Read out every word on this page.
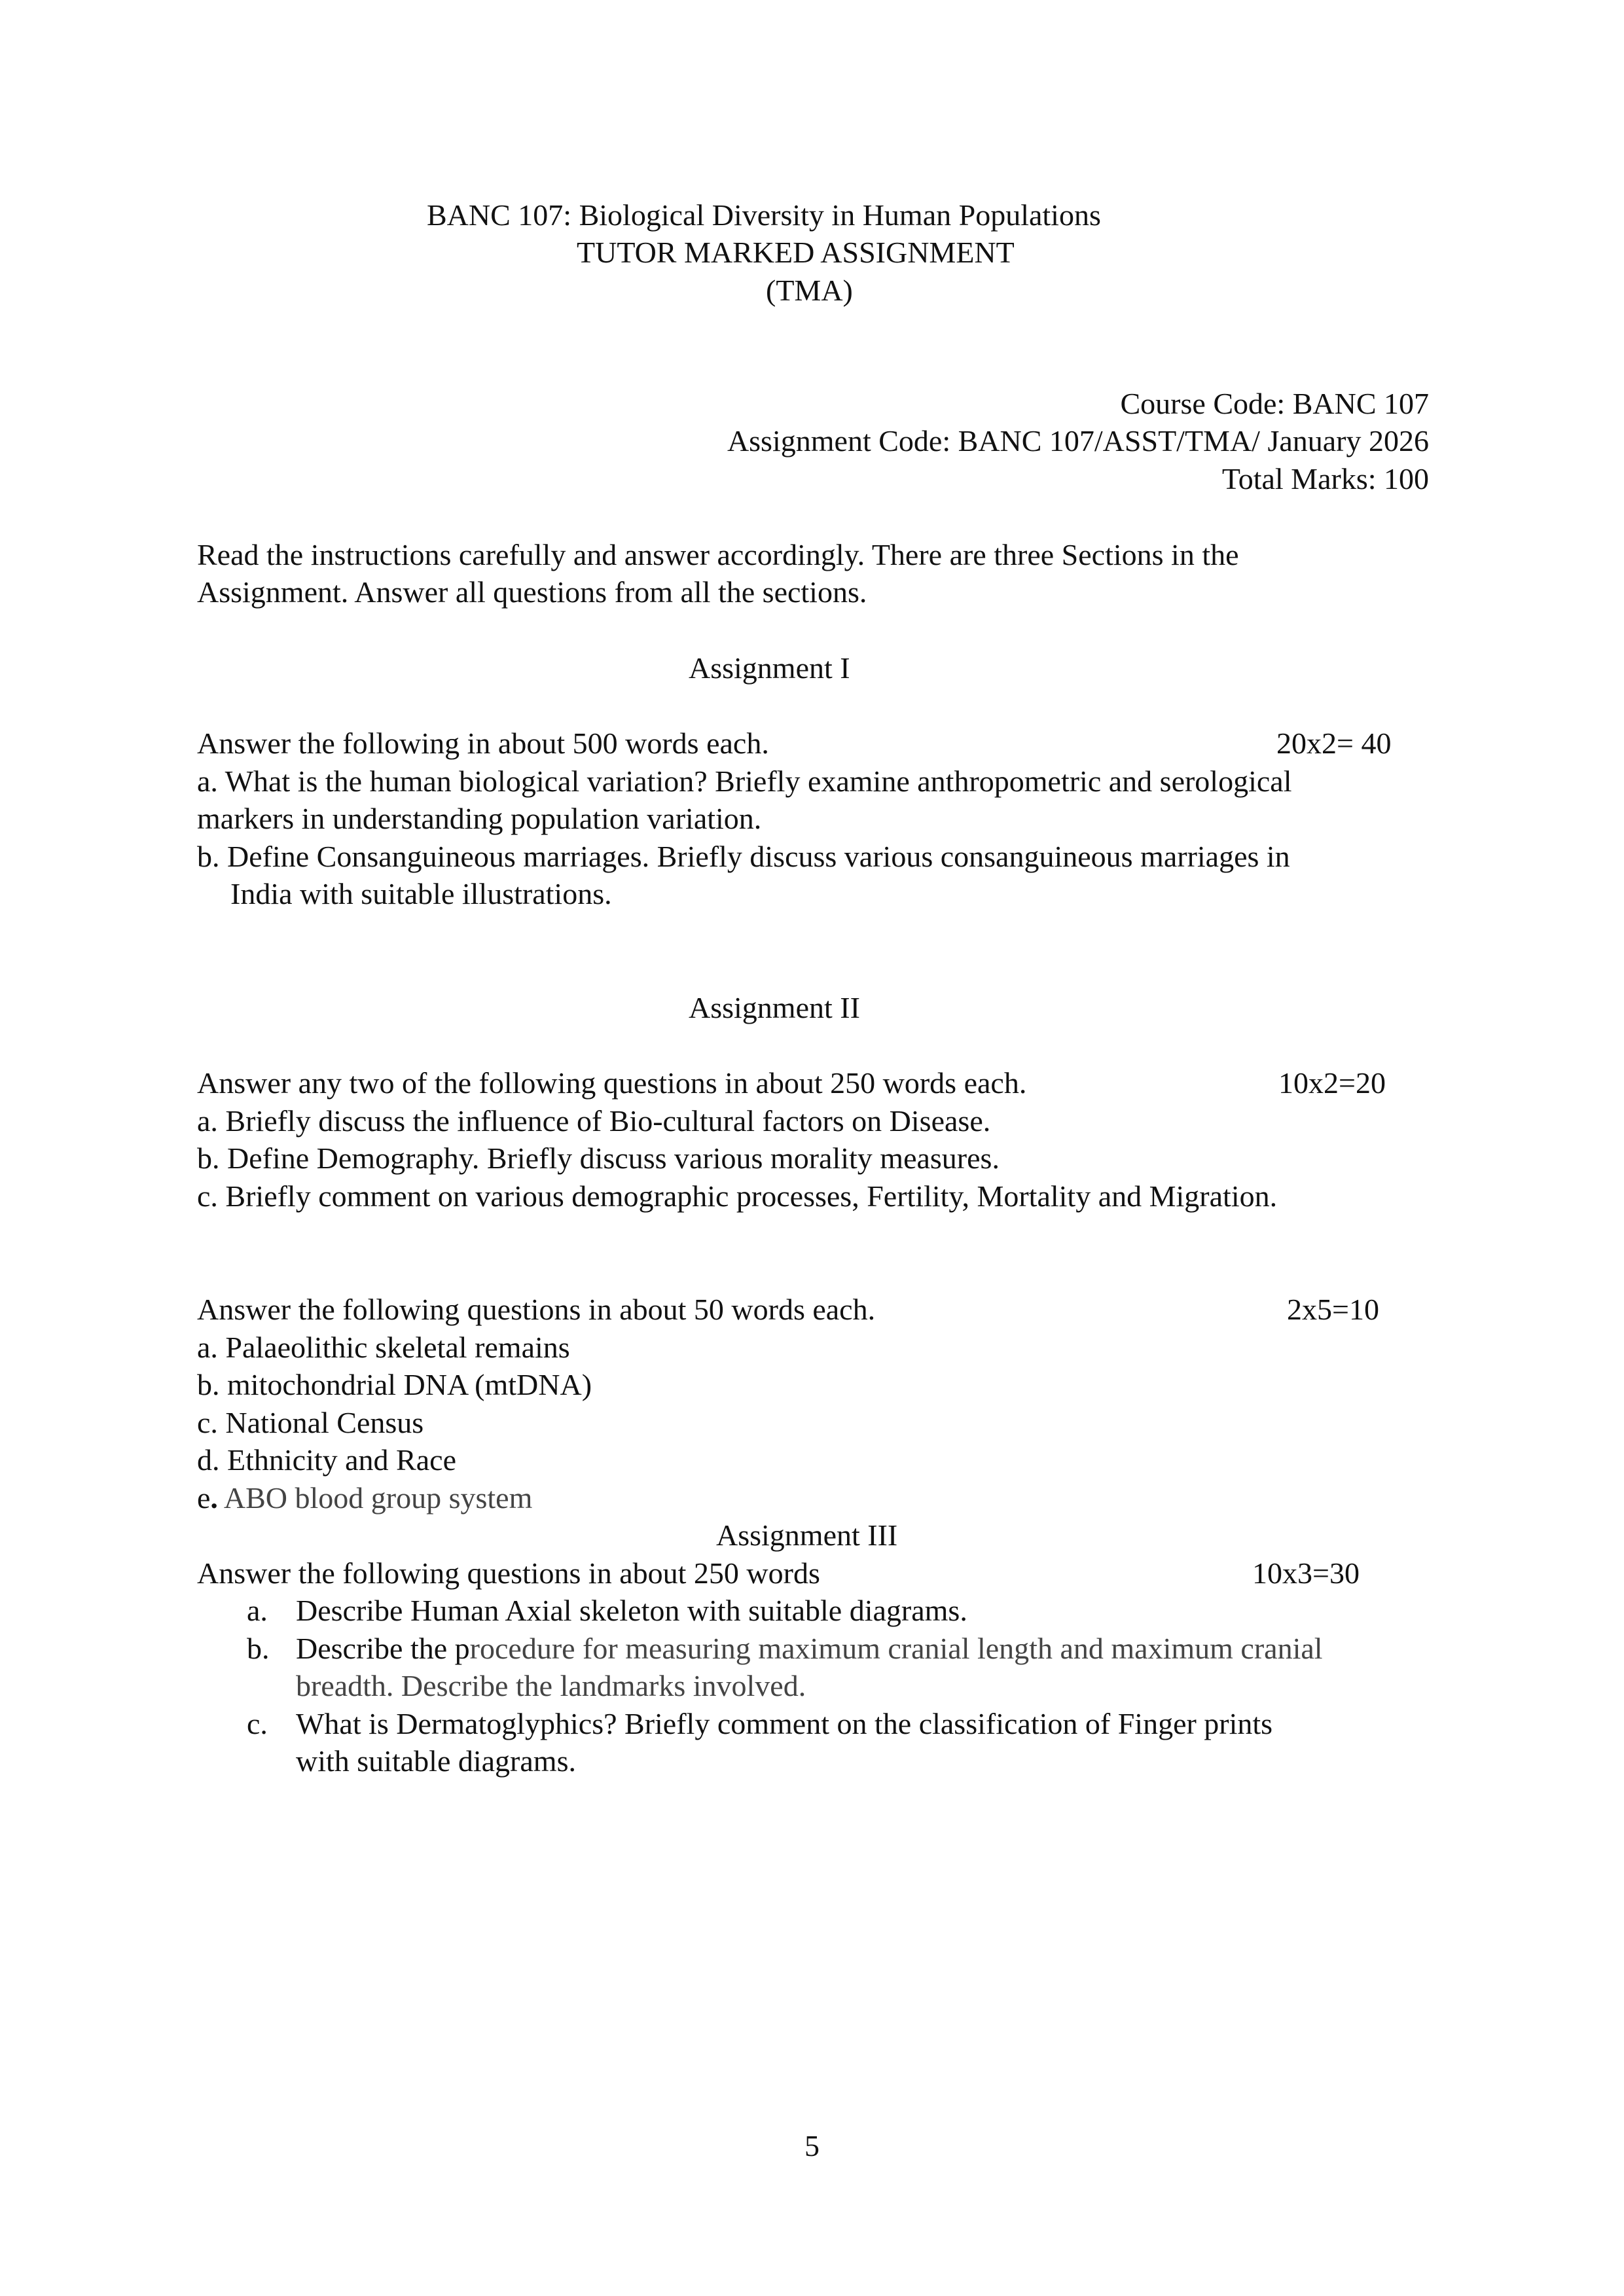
BANC 107: Biological Diversity in Human Populations
TUTOR MARKED ASSIGNMENT
(TMA)
Course Code: BANC 107
Assignment Code: BANC 107/ASST/TMA/ January 2026
Total Marks: 100
Read the instructions carefully and answer accordingly. There are three Sections in the
Assignment. Answer all questions from all the sections.
Assignment I
Answer the following in about 500 words each.	20x2= 40
a. What is the human biological variation? Briefly examine anthropometric and serological
markers in understanding population variation.
b. Define Consanguineous marriages. Briefly discuss various consanguineous marriages in
India with suitable illustrations.
Assignment II
Answer any two of the following questions in about 250 words each.	10x2=20
a. Briefly discuss the influence of Bio-cultural factors on Disease.
b. Define Demography. Briefly discuss various morality measures.
c. Briefly comment on various demographic processes, Fertility, Mortality and Migration.
Answer the following questions in about 50 words each.	2x5=10
a. Palaeolithic skeletal remains
b. mitochondrial DNA (mtDNA)
c. National Census
d. Ethnicity and Race
e. ABO blood group system
Assignment III
Answer the following questions in about 250 words	10x3=30
a. Describe Human Axial skeleton with suitable diagrams.
b. Describe the procedure for measuring maximum cranial length and maximum cranial
breadth. Describe the landmarks involved.
c. What is Dermatoglyphics? Briefly comment on the classification of Finger prints
with suitable diagrams.
5
